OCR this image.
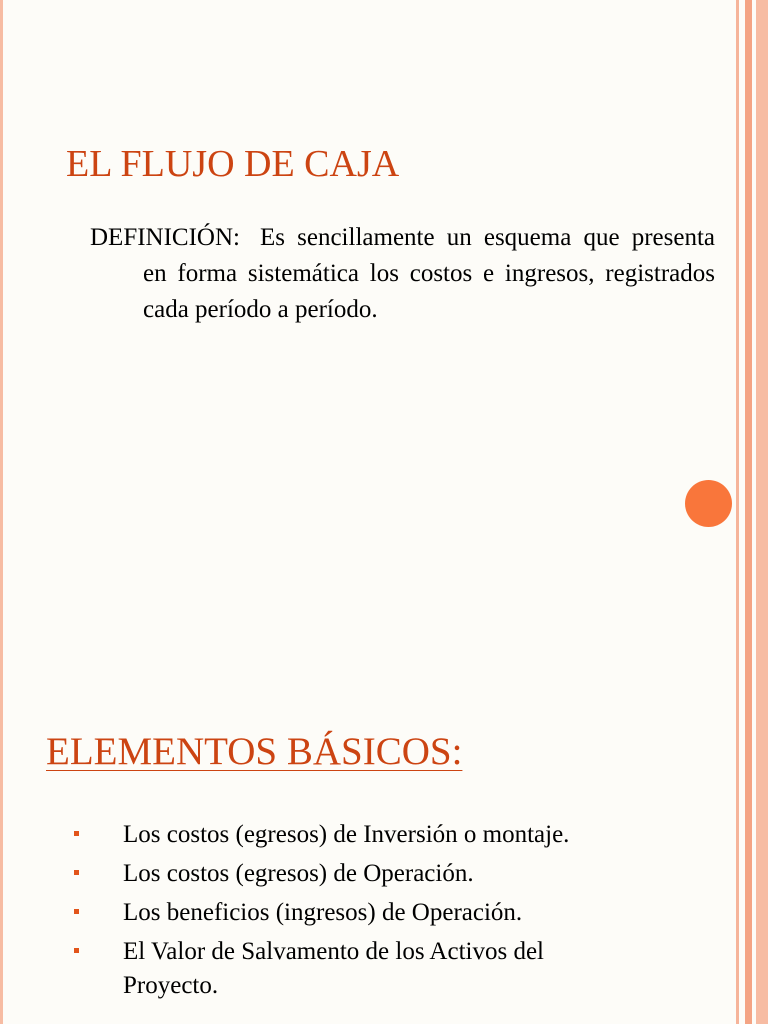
EL FLUJO DE CAJA

DEFINICIÓN: Es sencillamente un esquema que presenta en forma sistemática los costos e ingresos, registrados cada período a período.

ELEMENTOS BÁSICOS:
Los costos (egresos) de Inversión o montaje.
Los costos (egresos) de Operación.
Los beneficios (ingresos) de Operación.
El Valor de Salvamento de los Activos del Proyecto.
